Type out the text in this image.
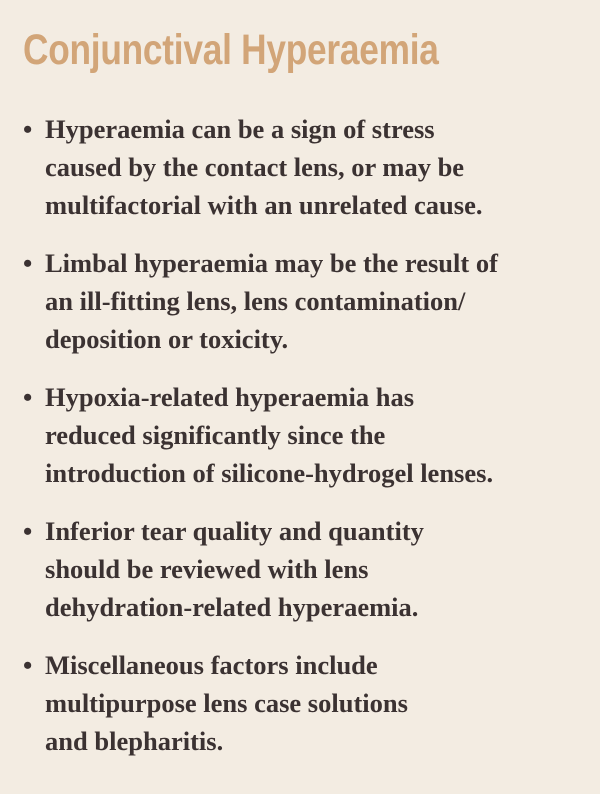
Conjunctival Hyperaemia
• Hyperaemia can be a sign of stress
caused by the contact lens, or may be
multifactorial with an unrelated cause.
• Limbal hyperaemia may be the result of
an ill-fitting lens, lens contamination/
deposition or toxicity.
• Hypoxia-related hyperaemia has
reduced significantly since the
introduction of silicone-hydrogel lenses.
• Inferior tear quality and quantity
should be reviewed with lens
dehydration-related hyperaemia.
• Miscellaneous factors include
multipurpose lens case solutions
and blepharitis.
